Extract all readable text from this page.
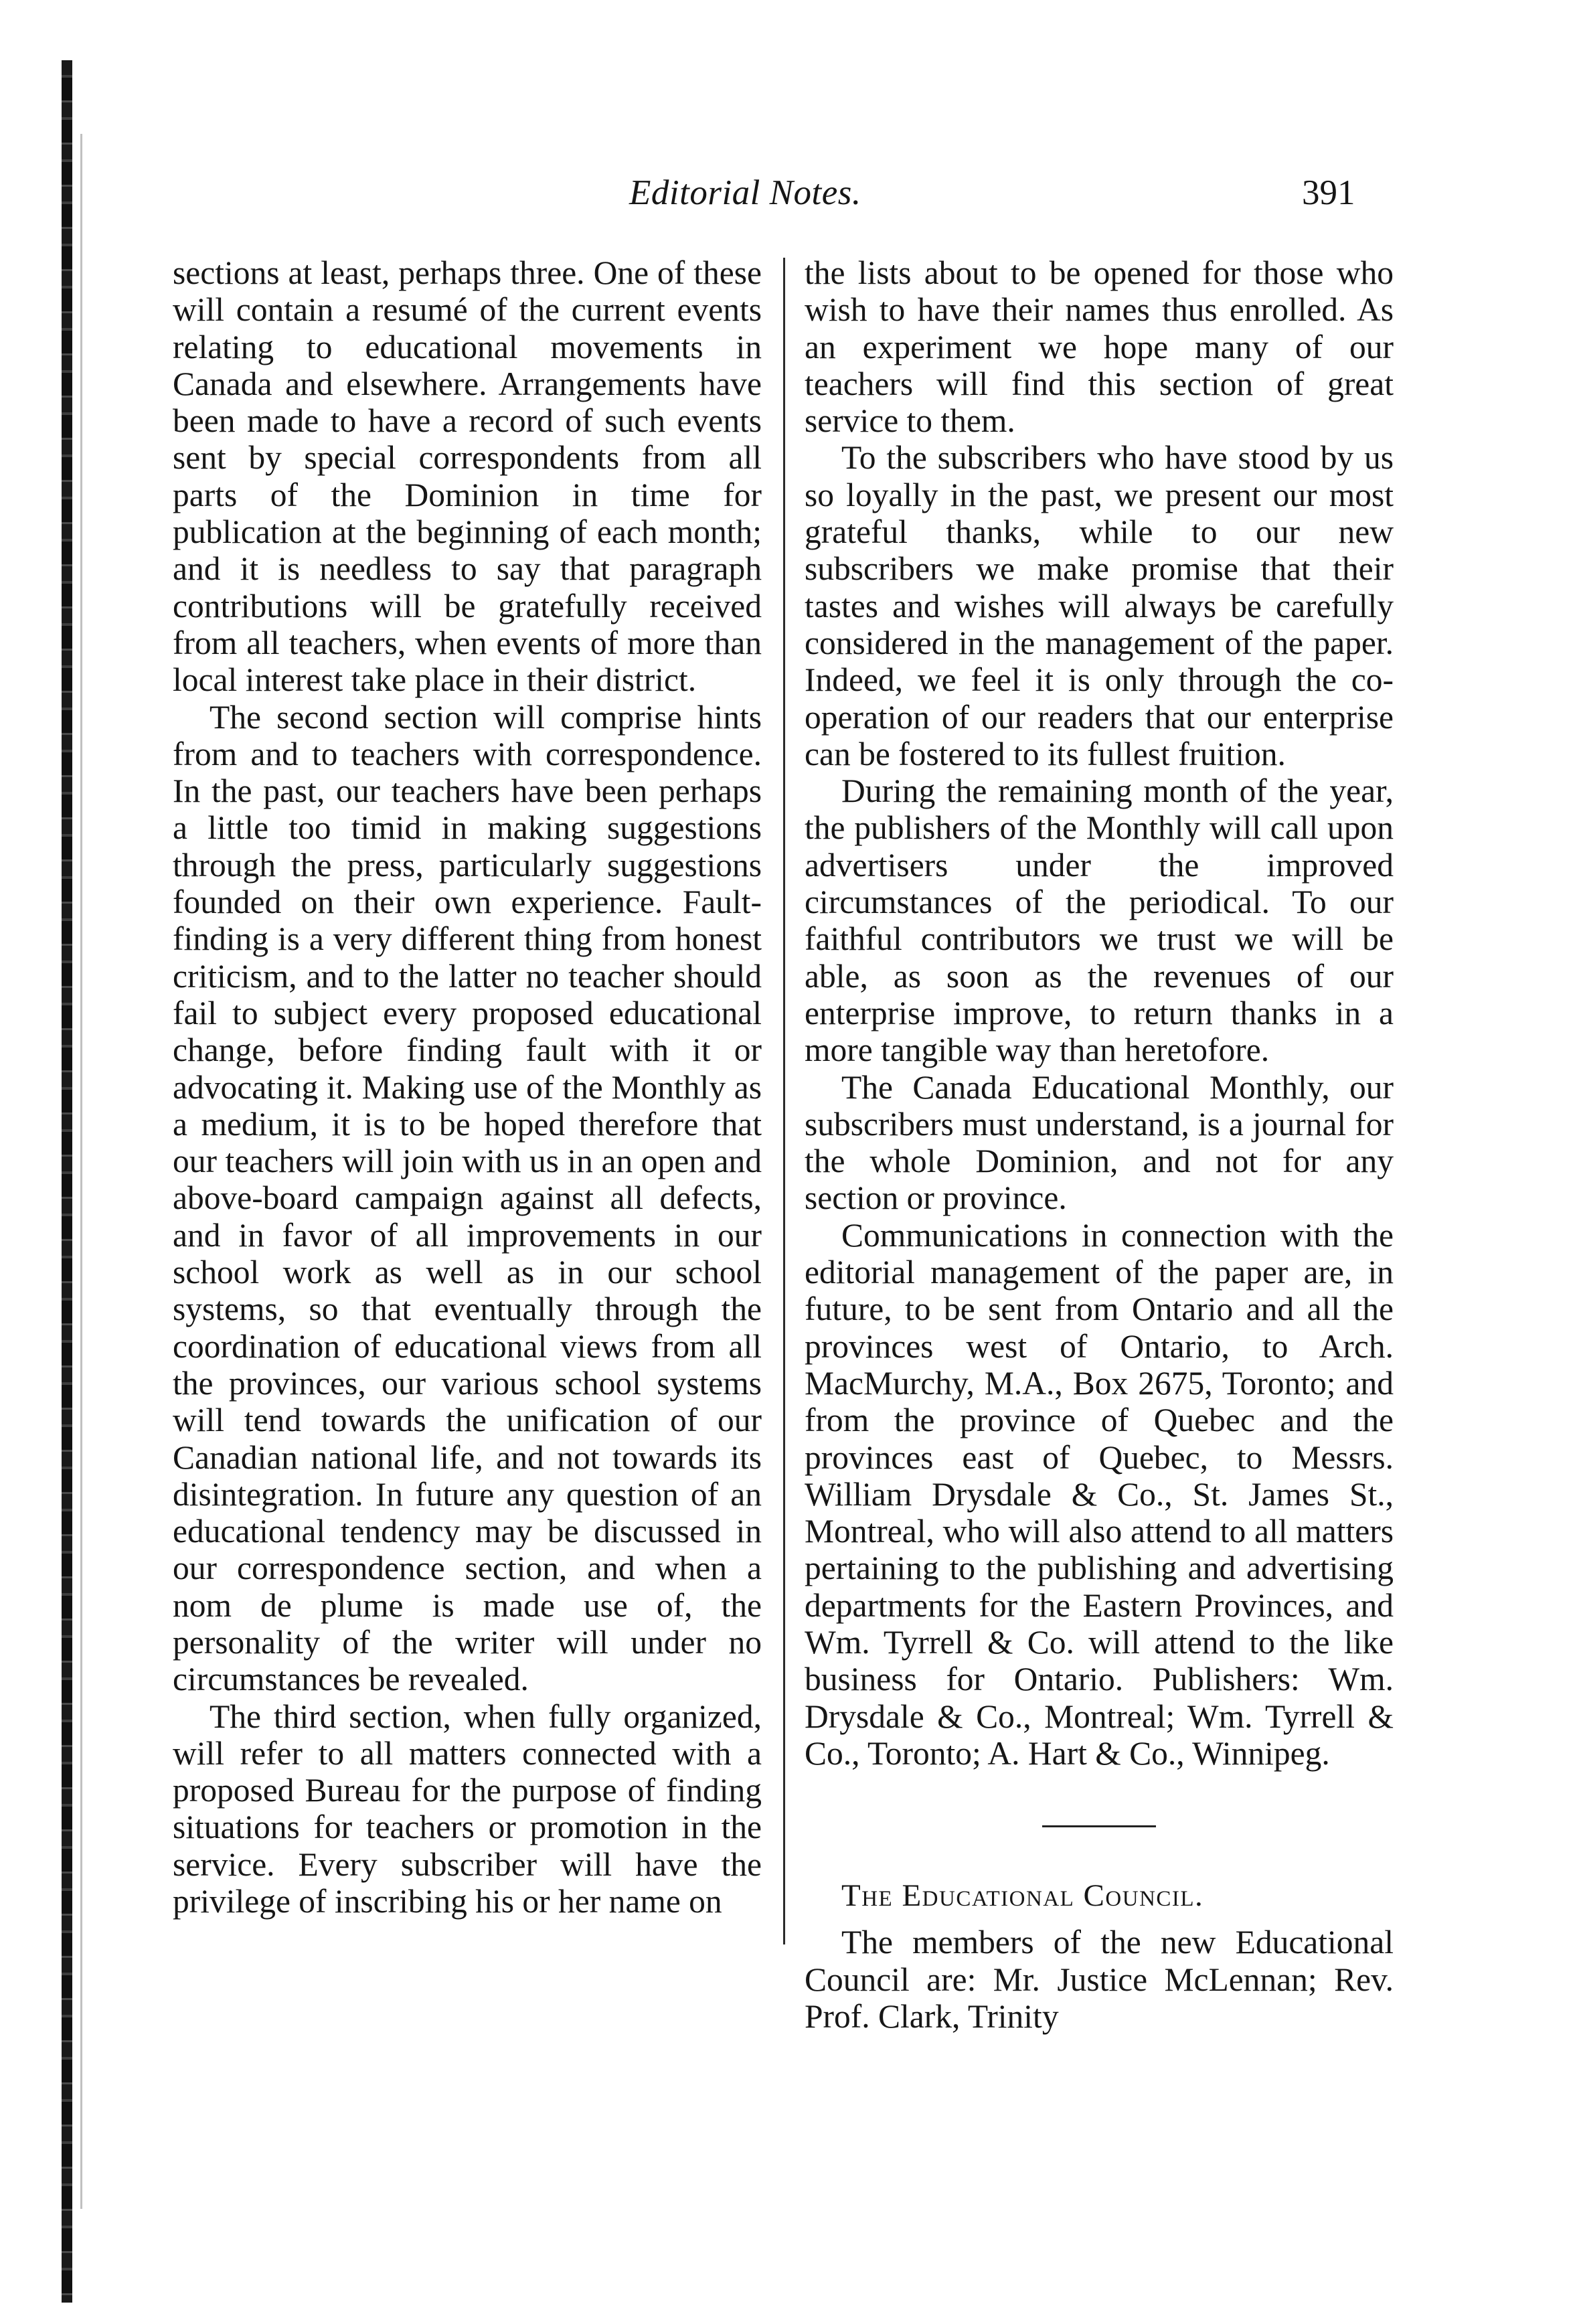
Editorial Notes.	391

sections at least, perhaps three. One of these will contain a resumé of the current events relating to educational movements in Canada and elsewhere. Arrangements have been made to have a record of such events sent by special correspondents from all parts of the Dominion in time for publication at the beginning of each month; and it is needless to say that paragraph contributions will be gratefully received from all teachers, when events of more than local interest take place in their district.

The second section will comprise hints from and to teachers with correspondence. In the past, our teachers have been perhaps a little too timid in making suggestions through the press, particularly suggestions founded on their own experience. Fault-finding is a very different thing from honest criticism, and to the latter no teacher should fail to subject every proposed educational change, before finding fault with it or advocating it. Making use of the Monthly as a medium, it is to be hoped therefore that our teachers will join with us in an open and above-board campaign against all defects, and in favor of all improvements in our school work as well as in our school systems, so that eventually through the coordination of educational views from all the provinces, our various school systems will tend towards the unification of our Canadian national life, and not towards its disintegration. In future any question of an educational tendency may be discussed in our correspondence section, and when a nom de plume is made use of, the personality of the writer will under no circumstances be revealed.

The third section, when fully organized, will refer to all matters connected with a proposed Bureau for the purpose of finding situations for teachers or promotion in the service. Every subscriber will have the privilege of inscribing his or her name on

the lists about to be opened for those who wish to have their names thus enrolled. As an experiment we hope many of our teachers will find this section of great service to them.

To the subscribers who have stood by us so loyally in the past, we present our most grateful thanks, while to our new subscribers we make promise that their tastes and wishes will always be carefully considered in the management of the paper. Indeed, we feel it is only through the co-operation of our readers that our enterprise can be fostered to its fullest fruition.

During the remaining month of the year, the publishers of the Monthly will call upon advertisers under the improved circumstances of the periodical. To our faithful contributors we trust we will be able, as soon as the revenues of our enterprise improve, to return thanks in a more tangible way than heretofore.

The Canada Educational Monthly, our subscribers must understand, is a journal for the whole Dominion, and not for any section or province.

Communications in connection with the editorial management of the paper are, in future, to be sent from Ontario and all the provinces west of Ontario, to Arch. MacMurchy, M.A., Box 2675, Toronto; and from the province of Quebec and the provinces east of Quebec, to Messrs. William Drysdale & Co., St. James St., Montreal, who will also attend to all matters pertaining to the publishing and advertising departments for the Eastern Provinces, and Wm. Tyrrell & Co. will attend to the like business for Ontario. Publishers: Wm. Drysdale & Co., Montreal; Wm. Tyrrell & Co., Toronto; A. Hart & Co., Winnipeg.

The Educational Council.

The members of the new Educational Council are: Mr. Justice McLennan; Rev. Prof. Clark, Trinity
